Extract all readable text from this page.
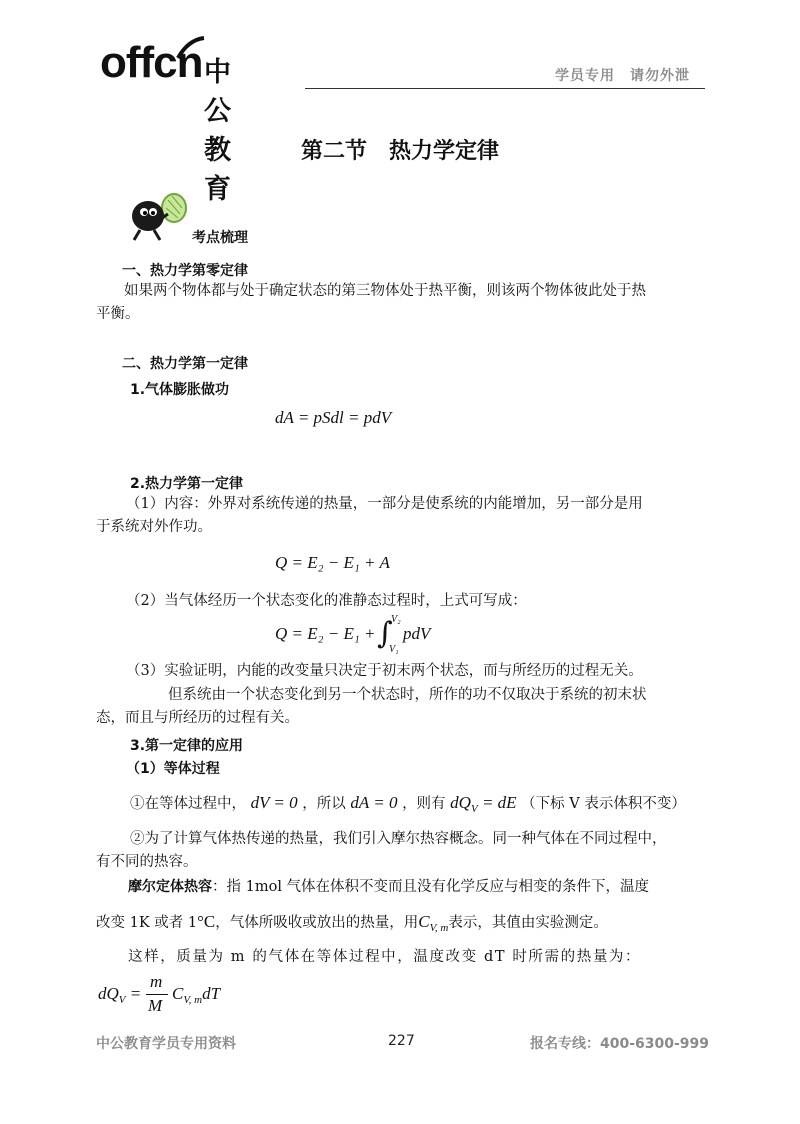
offcn 中公教育
学员专用　请勿外泄
第二节　热力学定律
考点梳理
一、热力学第零定律
如果两个物体都与处于确定状态的第三物体处于热平衡，则该两个物体彼此处于热
平衡。
二、热力学第一定律
1.气体膨胀做功
dA = pSdl = pdV
2.热力学第一定律
（1）内容：外界对系统传递的热量，一部分是使系统的内能增加，另一部分是用
于系统对外作功。
Q = E₂ − E₁ + A
（2）当气体经历一个状态变化的准静态过程时，上式可写成：
Q = E₂ − E₁ + ∫
V₂
V₁
pdV
（3）实验证明，内能的改变量只决定于初末两个状态，而与所经历的过程无关。
但系统由一个状态变化到另一个状态时，所作的功不仅取决于系统的初末状
态，而且与所经历的过程有关。
3.第一定律的应用
（1）等体过程
①在等体过程中， dV = 0 ，所以 dA = 0 ，则有 $dQ_V$ = dE （下标 V 表示体积不变）
②为了计算气体热传递的热量，我们引入摩尔热容概念。同一种气体在不同过程中，
有不同的热容。
摩尔定体热容：指 1mol 气体在体积不变而且没有化学反应与相变的条件下，温度
改变 1K 或者 1°C，气体所吸收或放出的热量，用$C_{V, m}$表示，其值由实验测定。
这样，质量为 m 的气体在等体过程中，温度改变 dT 时所需的热量为：
$dQ_V$ =
m
M
$C_{V, m}dT$
中公教育学员专用资料	227	报名专线：400-6300-999
